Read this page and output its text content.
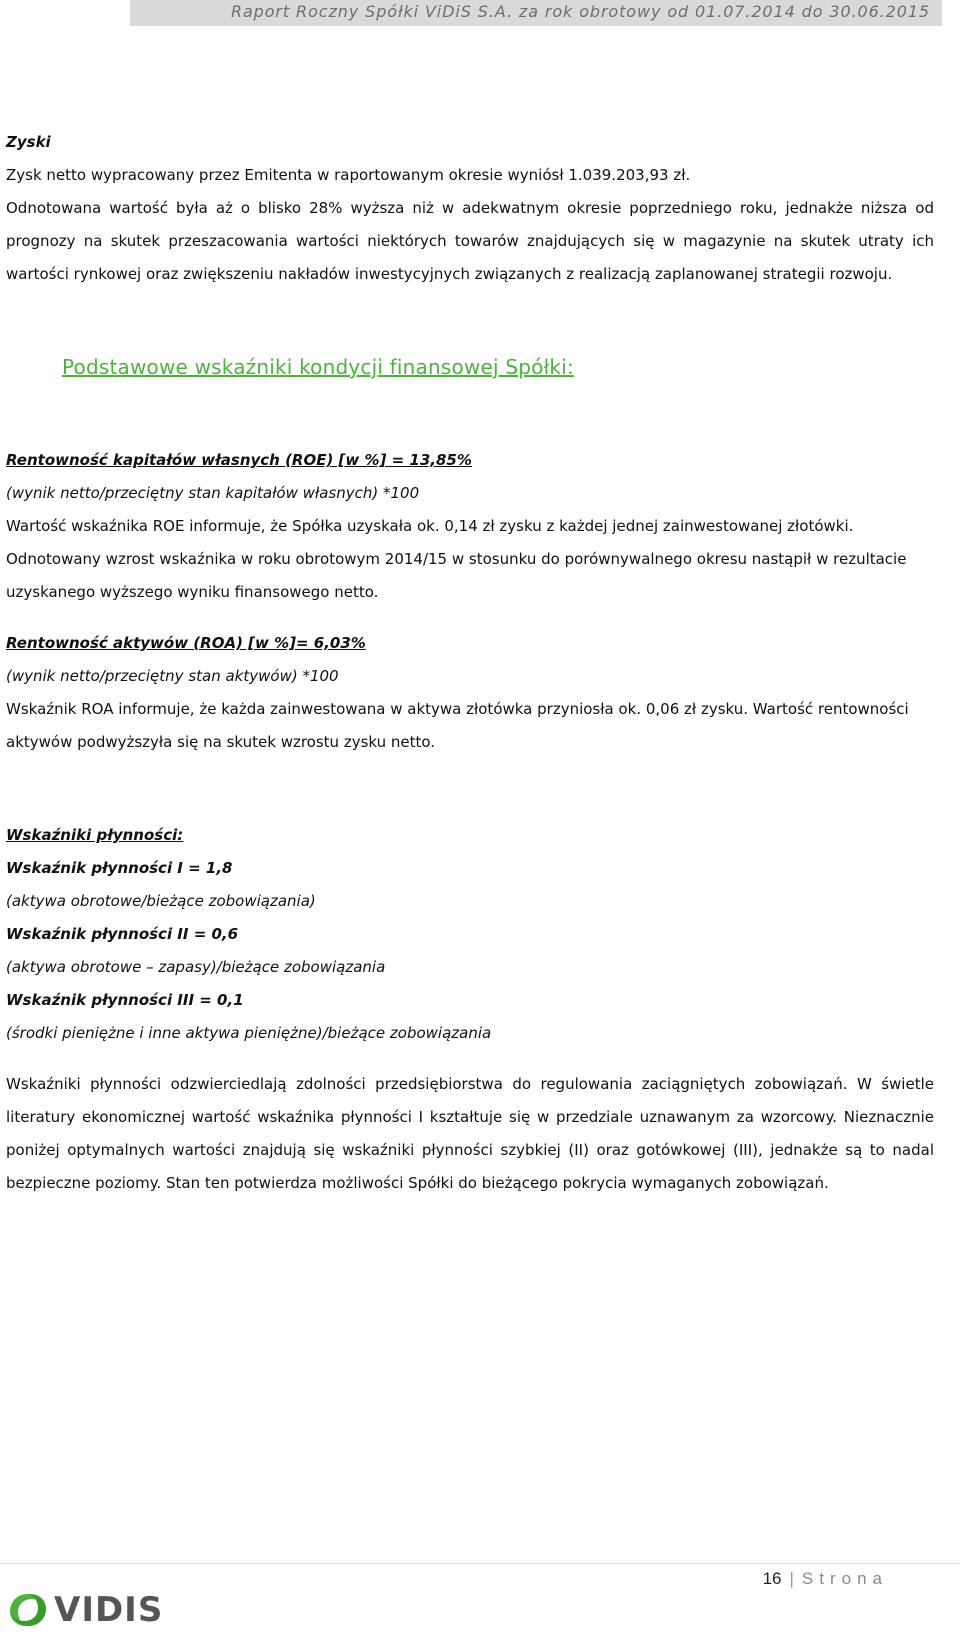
Raport Roczny Spółki ViDiS S.A. za rok obrotowy od 01.07.2014 do 30.06.2015

Zyski

Zysk netto wypracowany przez Emitenta w raportowanym okresie wyniósł 1.039.203,93 zł.

Odnotowana wartość była aż o blisko 28% wyższa niż w adekwatnym okresie poprzedniego roku, jednakże niższa od prognozy na skutek przeszacowania wartości niektórych towarów znajdujących się w magazynie na skutek utraty ich wartości rynkowej oraz zwiększeniu nakładów inwestycyjnych związanych z realizacją zaplanowanej strategii rozwoju.

Podstawowe wskaźniki kondycji finansowej Spółki:

Rentowność kapitałów własnych (ROE) [w %] = 13,85%

(wynik netto/przeciętny stan kapitałów własnych) *100

Wartość wskaźnika ROE informuje, że Spółka uzyskała ok. 0,14 zł zysku z każdej jednej zainwestowanej złotówki. Odnotowany wzrost wskaźnika w roku obrotowym 2014/15 w stosunku do porównywalnego okresu nastąpił w rezultacie uzyskanego wyższego wyniku finansowego netto.

Rentowność aktywów (ROA) [w %]= 6,03%

(wynik netto/przeciętny stan aktywów) *100

Wskaźnik ROA informuje, że każda zainwestowana w aktywa złotówka przyniosła ok. 0,06 zł zysku. Wartość rentowności aktywów podwyższyła się na skutek wzrostu zysku netto.

Wskaźniki płynności:

Wskaźnik płynności I = 1,8

(aktywa obrotowe/bieżące zobowiązania)

Wskaźnik płynności II = 0,6

(aktywa obrotowe – zapasy)/bieżące zobowiązania

Wskaźnik płynności III = 0,1

(środki pieniężne i inne aktywa pieniężne)/bieżące zobowiązania

Wskaźniki płynności odzwierciedlają zdolności przedsiębiorstwa do regulowania zaciągniętych zobowiązań. W świetle literatury ekonomicznej wartość wskaźnika płynności I kształtuje się w przedziale uznawanym za wzorcowy. Nieznacznie poniżej optymalnych wartości znajdują się wskaźniki płynności szybkiej (II) oraz gotówkowej (III), jednakże są to nadal bezpieczne poziomy. Stan ten potwierdza możliwości Spółki do bieżącego pokrycia wymaganych zobowiązań.

16 | Strona
VIDIS
